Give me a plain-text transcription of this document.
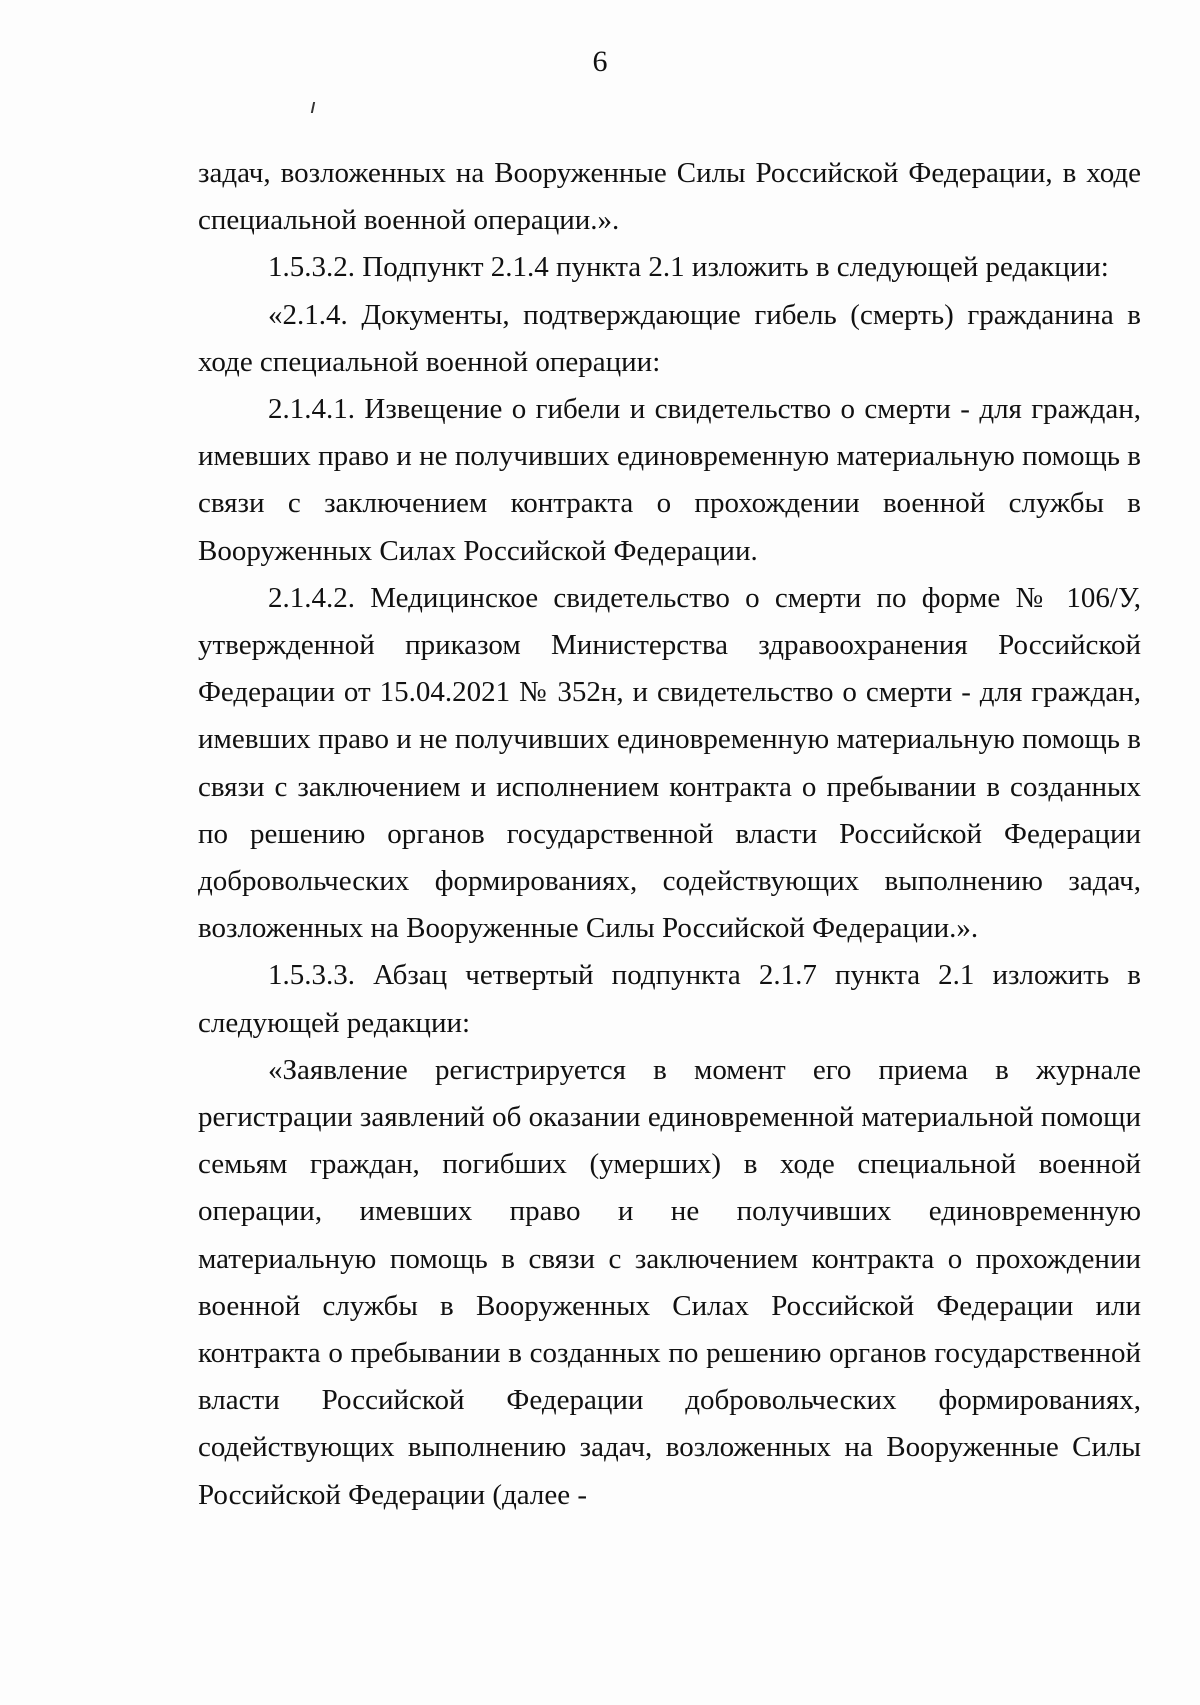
6

задач, возложенных на Вооруженные Силы Российской Федерации, в ходе специальной военной операции.».

1.5.3.2. Подпункт 2.1.4 пункта 2.1 изложить в следующей редакции:

«2.1.4. Документы, подтверждающие гибель (смерть) гражданина в ходе специальной военной операции:

2.1.4.1. Извещение о гибели и свидетельство о смерти - для граждан, имевших право и не получивших единовременную материальную помощь в связи с заключением контракта о прохождении военной службы в Вооруженных Силах Российской Федерации.

2.1.4.2. Медицинское свидетельство о смерти по форме № 106/У, утвержденной приказом Министерства здравоохранения Российской Федерации от 15.04.2021 № 352н, и свидетельство о смерти - для граждан, имевших право и не получивших единовременную материальную помощь в связи с заключением и исполнением контракта о пребывании в созданных по решению органов государственной власти Российской Федерации добровольческих формированиях, содействующих выполнению задач, возложенных на Вооруженные Силы Российской Федерации.».

1.5.3.3. Абзац четвертый подпункта 2.1.7 пункта 2.1 изложить в следующей редакции:

«Заявление регистрируется в момент его приема в журнале регистрации заявлений об оказании единовременной материальной помощи семьям граждан, погибших (умерших) в ходе специальной военной операции, имевших право и не получивших единовременную материальную помощь в связи с заключением контракта о прохождении военной службы в Вооруженных Силах Российской Федерации или контракта о пребывании в созданных по решению органов государственной власти Российской Федерации добровольческих формированиях, содействующих выполнению задач, возложенных на Вооруженные Силы Российской Федерации (далее -
